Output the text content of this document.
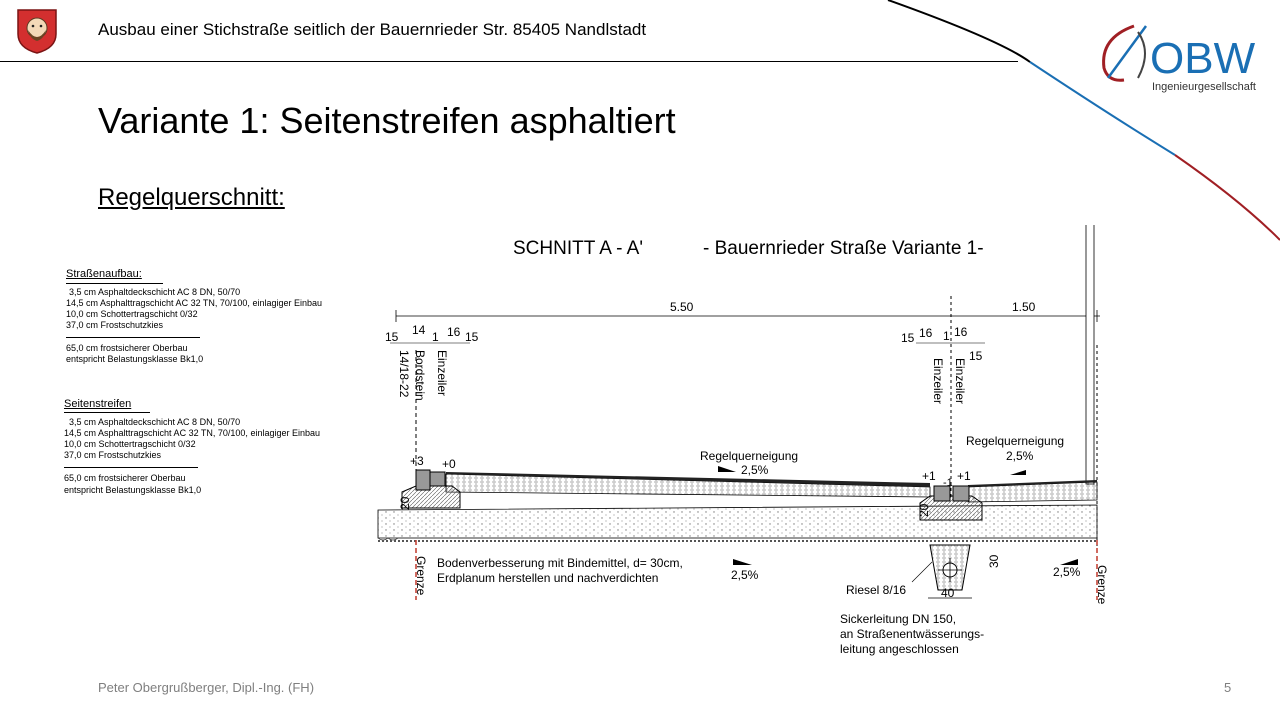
Ausbau einer Stichstraße seitlich der Bauernrieder Str. 85405 Nandlstadt
OBW
Ingenieurgesellschaft
Variante 1: Seitenstreifen asphaltiert
Regelquerschnitt:
Straßenaufbau:
3,5 cm Asphaltdeckschicht AC 8 DN, 50/70
14,5 cm Asphalttragschicht AC 32 TN, 70/100, einlagiger Einbau
10,0 cm Schottertragschicht 0/32
37,0 cm Frostschutzkies
65,0 cm frostsicherer Oberbau
entspricht Belastungsklasse Bk1,0
Seitenstreifen
3,5 cm Asphaltdeckschicht AC 8 DN, 50/70
14,5 cm Asphalttragschicht AC 32 TN, 70/100, einlagiger Einbau
10,0 cm Schottertragschicht 0/32
37,0 cm Frostschutzkies
65,0 cm frostsicherer Oberbau
entspricht Belastungsklasse Bk1,0
SCHNITT A - A'	- Bauernrieder Straße Variante 1-
5.50	1.50
15 14 1 16 15	15 16 1 16
15
14/18-22 Bordstein Einzeiler	Einzeiler Einzeiler
Grenze	Grenze
+3 +0
+1 -1 +1
20
20
30
40
Regelquerneigung
2,5%
Regelquerneigung
2,5%
2,5%	2,5%
Bodenverbesserung mit Bindemittel, d= 30cm,
Erdplanum herstellen und nachverdichten
Riesel 8/16
Sickerleitung DN 150,
an Straßenentwässerungs-
leitung angeschlossen
Peter Obergrußberger, Dipl.-Ing. (FH)	5
